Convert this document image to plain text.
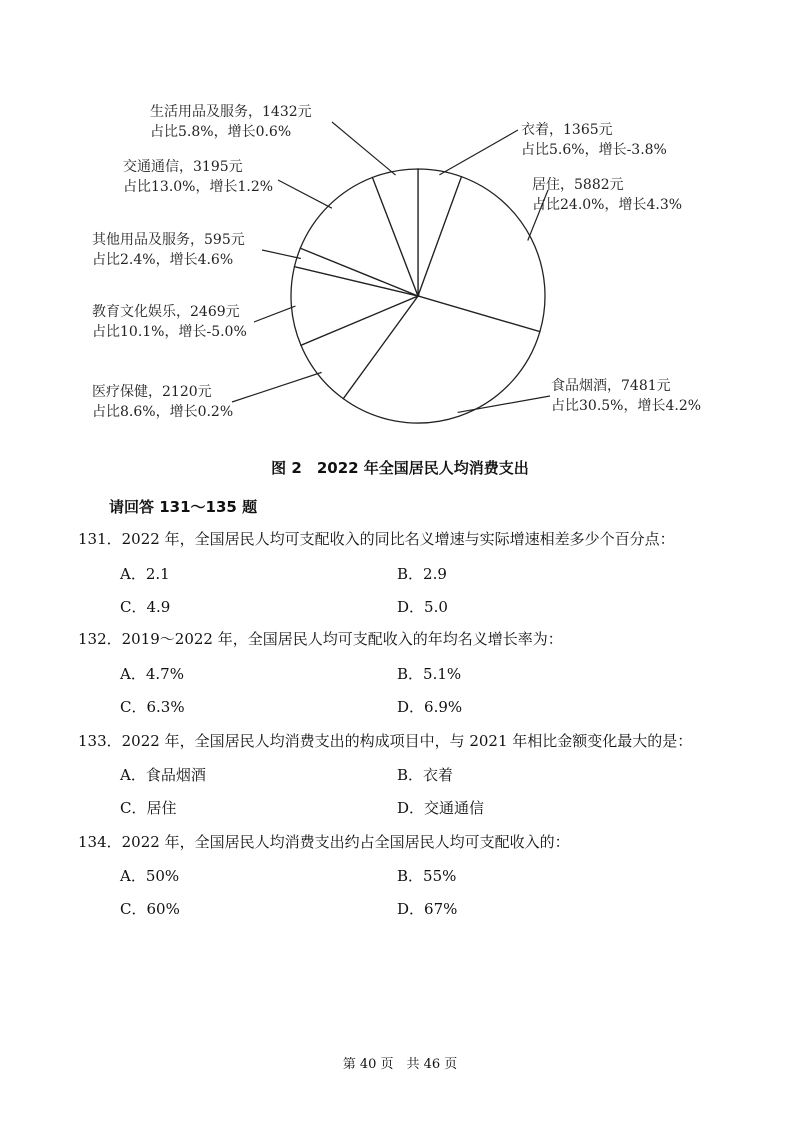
生活用品及服务，1432元
占比5.8%，增长0.6%	衣着，1365元
占比5.6%，增长-3.8%
交通通信，3195元
占比13.0%，增长1.2%	居住，5882元
占比24.0%，增长4.3%
其他用品及服务，595元
占比2.4%，增长4.6%
教育文化娱乐，2469元
占比10.1%，增长-5.0%
食品烟酒，7481元
占比30.5%，增长4.2%
医疗保健，2120元
占比8.6%，增长0.2%
图 2　2022 年全国居民人均消费支出
请回答 131～135 题
131．2022 年，全国居民人均可支配收入的同比名义增速与实际增速相差多少个百分点：
A．2.1	B．2.9
C．4.9	D．5.0
132．2019～2022 年，全国居民人均可支配收入的年均名义增长率为：
A．4.7%	B．5.1%
C．6.3%	D．6.9%
133．2022 年，全国居民人均消费支出的构成项目中，与 2021 年相比金额变化最大的是：
A．食品烟酒	B．衣着
C．居住	D．交通通信
134．2022 年，全国居民人均消费支出约占全国居民人均可支配收入的：
A．50%	B．55%
C．60%	D．67%
第 40 页　共 46 页
